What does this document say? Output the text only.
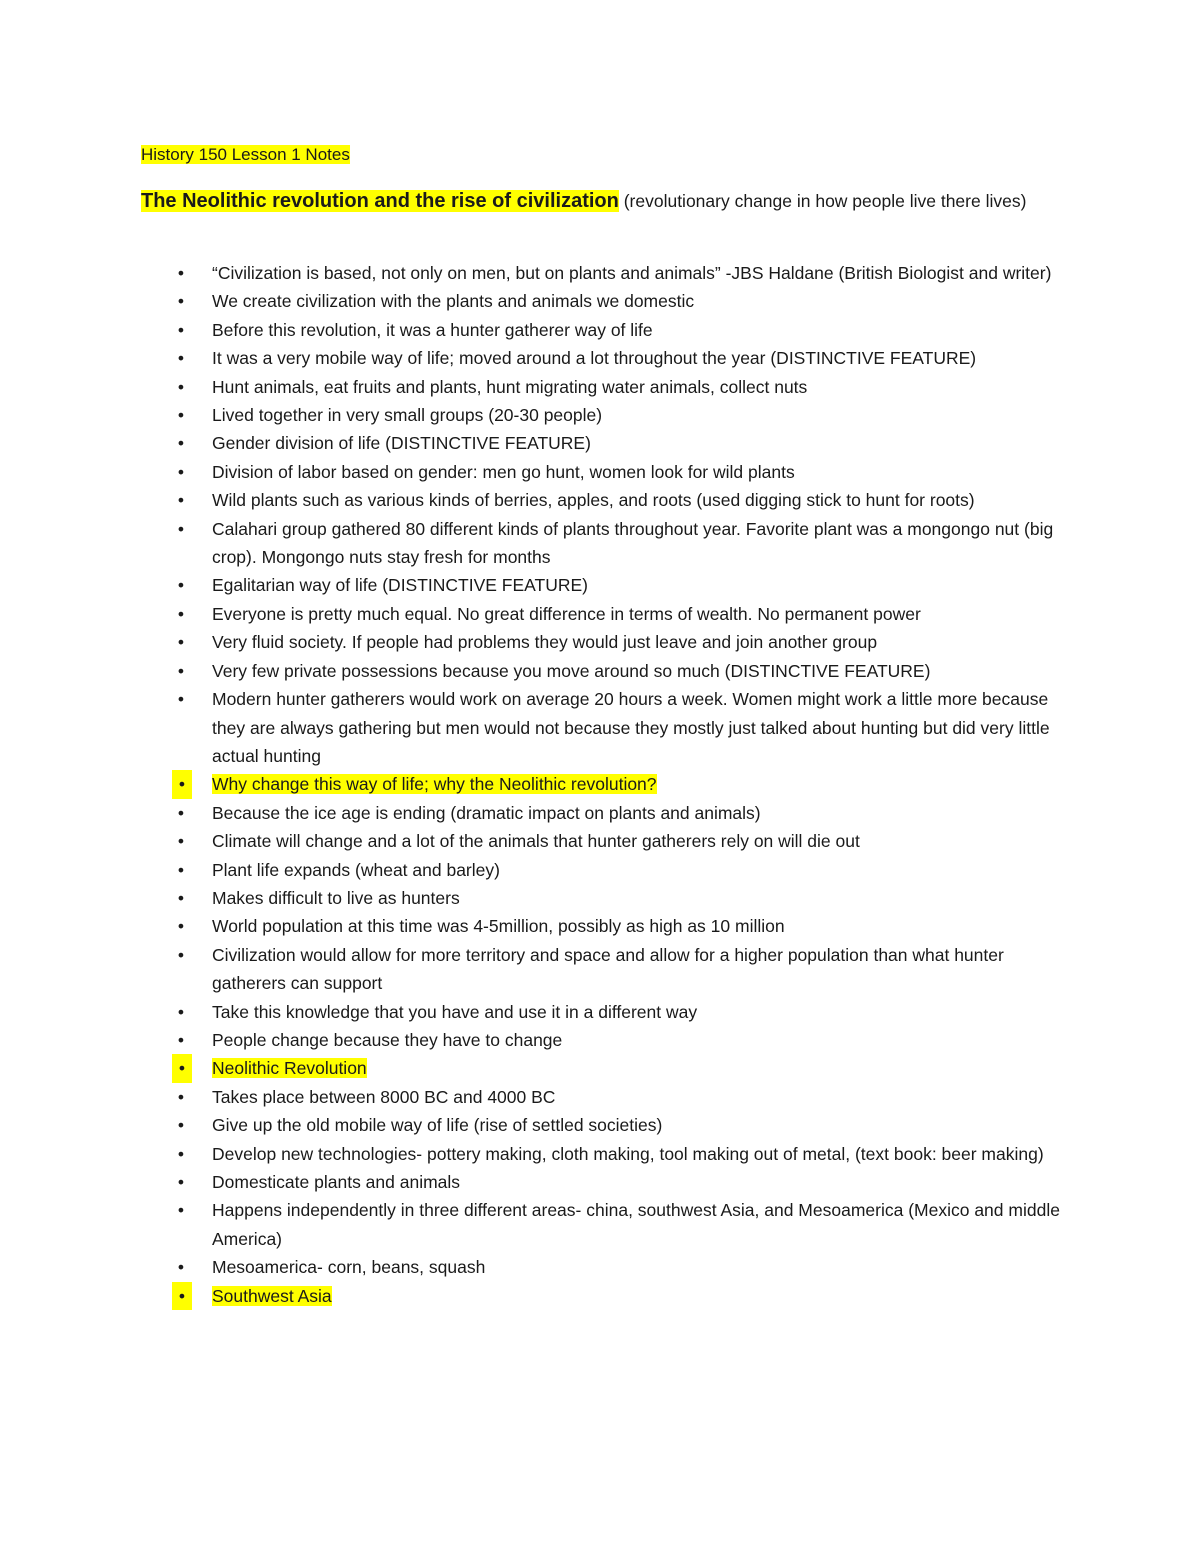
History 150 Lesson 1 Notes
The Neolithic revolution and the rise of civilization (revolutionary change in how people live there lives)
• “Civilization is based, not only on men, but on plants and animals” -JBS Haldane (British Biologist and writer)
• We create civilization with the plants and animals we domestic
• Before this revolution, it was a hunter gatherer way of life
• It was a very mobile way of life; moved around a lot throughout the year (DISTINCTIVE FEATURE)
• Hunt animals, eat fruits and plants, hunt migrating water animals, collect nuts
• Lived together in very small groups (20-30 people)
• Gender division of life (DISTINCTIVE FEATURE)
• Division of labor based on gender: men go hunt, women look for wild plants
• Wild plants such as various kinds of berries, apples, and roots (used digging stick to hunt for roots)
• Calahari group gathered 80 different kinds of plants throughout year. Favorite plant was a mongongo nut (big crop). Mongongo nuts stay fresh for months
• Egalitarian way of life (DISTINCTIVE FEATURE)
• Everyone is pretty much equal. No great difference in terms of wealth. No permanent power
• Very fluid society. If people had problems they would just leave and join another group
• Very few private possessions because you move around so much (DISTINCTIVE FEATURE)
• Modern hunter gatherers would work on average 20 hours a week. Women might work a little more because they are always gathering but men would not because they mostly just talked about hunting but did very little actual hunting
•	Why change this way of life; why the Neolithic revolution?
• Because the ice age is ending (dramatic impact on plants and animals)
• Climate will change and a lot of the animals that hunter gatherers rely on will die out
• Plant life expands (wheat and barley)
• Makes difficult to live as hunters
• World population at this time was 4-5million, possibly as high as 10 million
• Civilization would allow for more territory and space and allow for a higher population than what hunter gatherers can support
• Take this knowledge that you have and use it in a different way
• People change because they have to change
•	Neolithic Revolution
• Takes place between 8000 BC and 4000 BC
• Give up the old mobile way of life (rise of settled societies)
• Develop new technologies- pottery making, cloth making, tool making out of metal, (text book: beer making)
• Domesticate plants and animals
• Happens independently in three different areas- china, southwest Asia, and Mesoamerica (Mexico and middle America)
• Mesoamerica- corn, beans, squash
•	Southwest Asia
